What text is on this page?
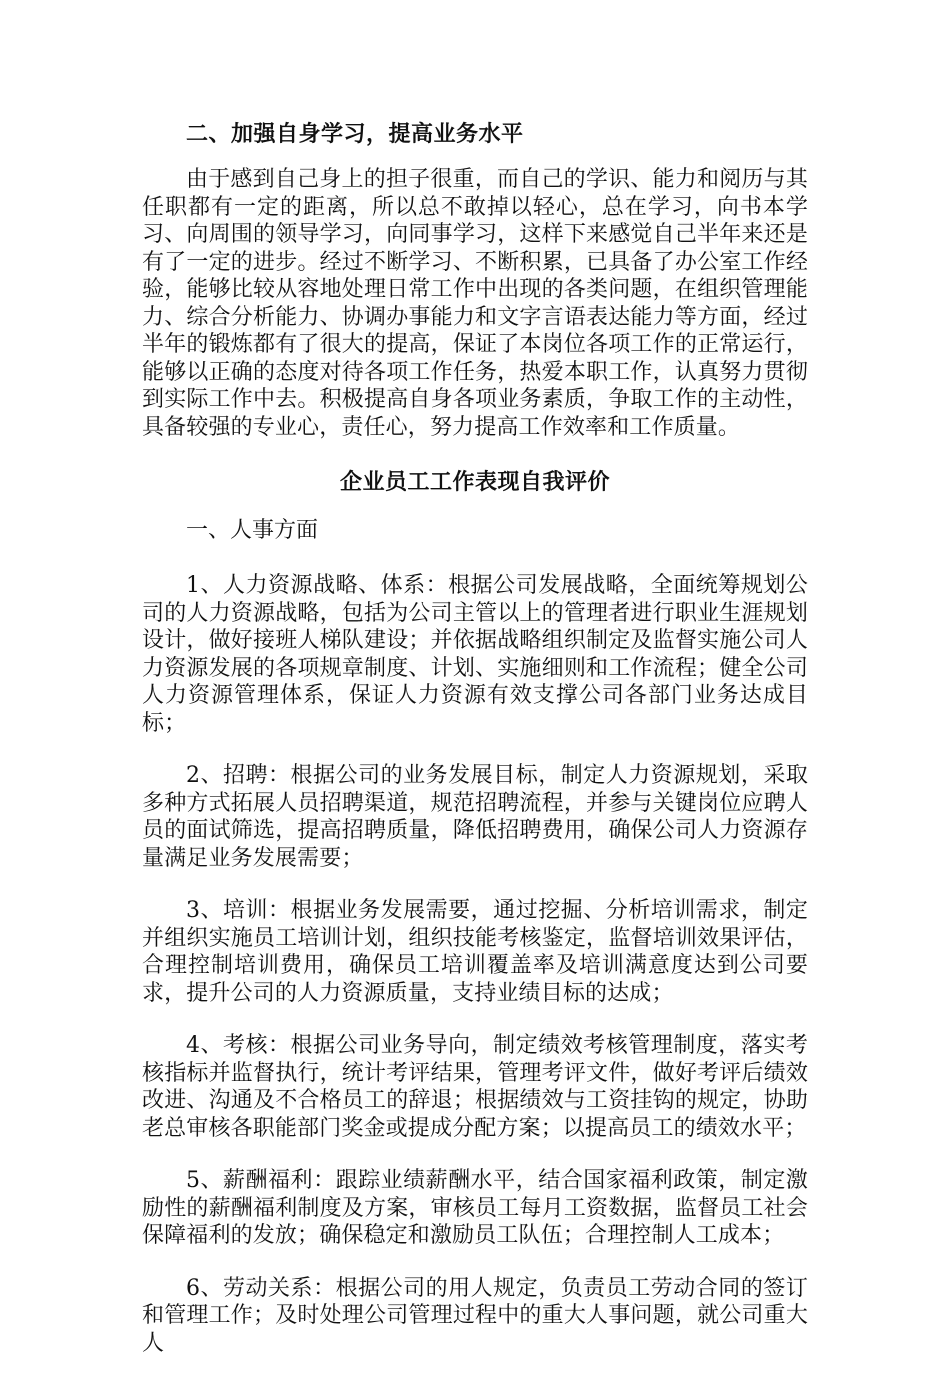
二、加强自身学习，提高业务水平

由于感到自己身上的担子很重，而自己的学识、能力和阅历与其任职都有一定的距离，所以总不敢掉以轻心，总在学习，向书本学习、向周围的领导学习，向同事学习，这样下来感觉自己半年来还是有了一定的进步。经过不断学习、不断积累，已具备了办公室工作经验，能够比较从容地处理日常工作中出现的各类问题，在组织管理能力、综合分析能力、协调办事能力和文字言语表达能力等方面，经过半年的锻炼都有了很大的提高，保证了本岗位各项工作的正常运行，能够以正确的态度对待各项工作任务，热爱本职工作，认真努力贯彻到实际工作中去。积极提高自身各项业务素质，争取工作的主动性，具备较强的专业心，责任心，努力提高工作效率和工作质量。

企业员工工作表现自我评价
一、人事方面

1、人力资源战略、体系：根据公司发展战略，全面统筹规划公司的人力资源战略，包括为公司主管以上的管理者进行职业生涯规划设计，做好接班人梯队建设；并依据战略组织制定及监督实施公司人力资源发展的各项规章制度、计划、实施细则和工作流程；健全公司人力资源管理体系，保证人力资源有效支撑公司各部门业务达成目标；

2、招聘：根据公司的业务发展目标，制定人力资源规划，采取多种方式拓展人员招聘渠道，规范招聘流程，并参与关键岗位应聘人员的面试筛选，提高招聘质量，降低招聘费用，确保公司人力资源存量满足业务发展需要；

3、培训：根据业务发展需要，通过挖掘、分析培训需求，制定并组织实施员工培训计划，组织技能考核鉴定，监督培训效果评估，合理控制培训费用，确保员工培训覆盖率及培训满意度达到公司要求，提升公司的人力资源质量，支持业绩目标的达成；

4、考核：根据公司业务导向，制定绩效考核管理制度，落实考核指标并监督执行，统计考评结果，管理考评文件，做好考评后绩效改进、沟通及不合格员工的辞退；根据绩效与工资挂钩的规定，协助老总审核各职能部门奖金或提成分配方案；以提高员工的绩效水平；

5、薪酬福利：跟踪业绩薪酬水平，结合国家福利政策，制定激励性的薪酬福利制度及方案，审核员工每月工资数据，监督员工社会保障福利的发放；确保稳定和激励员工队伍；合理控制人工成本；

6、劳动关系：根据公司的用人规定，负责员工劳动合同的签订和管理工作；及时处理公司管理过程中的重大人事问题，就公司重大人
